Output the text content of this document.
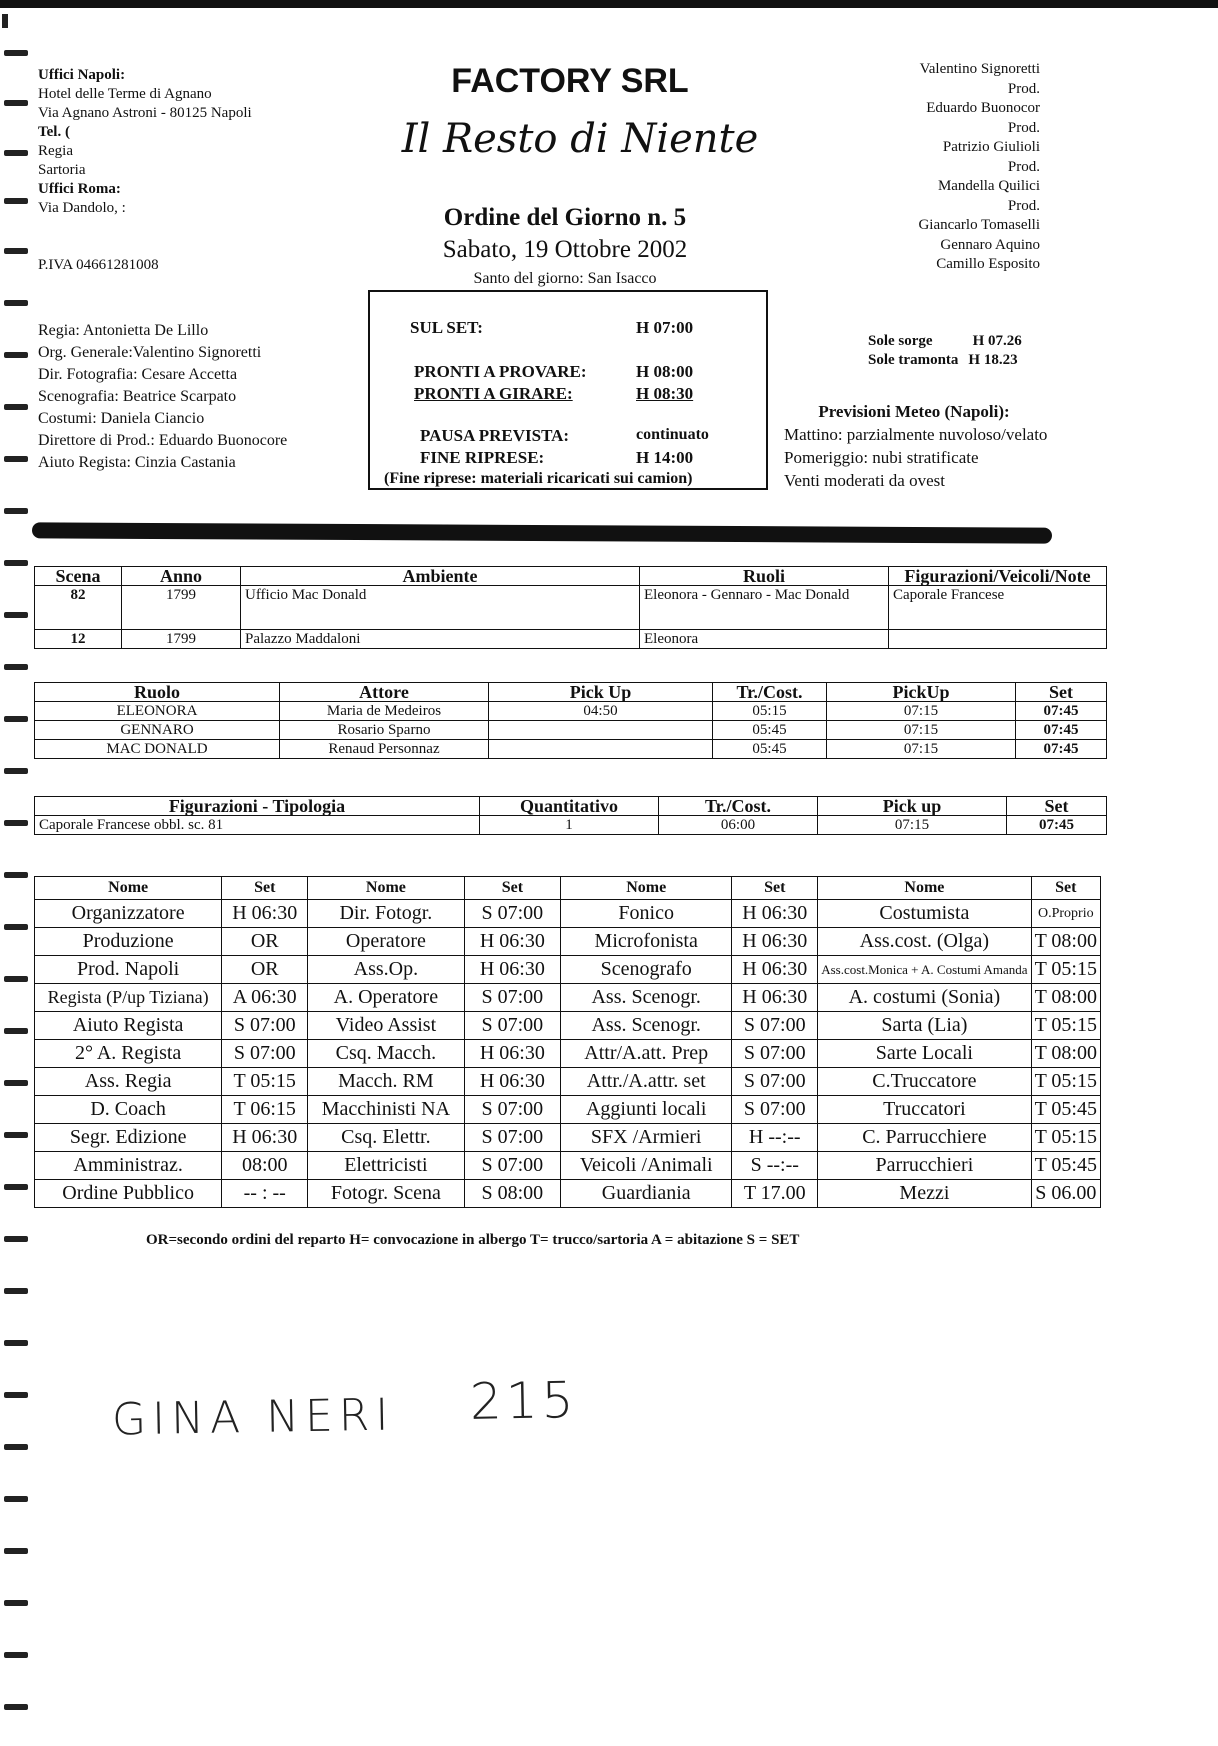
Uffici Napoli:
Hotel delle Terme di Agnano
Via Agnano Astroni - 80125 Napoli
Tel. (
Regia
Sartoria
Uffici Roma:
Via Dandolo, :
P.IVA 04661281008
Regia: Antonietta De Lillo
Org. Generale:Valentino Signoretti
Dir. Fotografia: Cesare Accetta
Scenografia: Beatrice Scarpato
Costumi: Daniela Ciancio
Direttore di Prod.: Eduardo Buonocore
Aiuto Regista: Cinzia Castania
FACTORY SRL
Il Resto di Niente
Ordine del Giorno n. 5
Sabato, 19 Ottobre 2002
Santo del giorno: San Isacco
Valentino Signoretti
Prod.
Eduardo Buonocor
Prod.
Patrizio Giulioli
Prod.
Mandella Quilici
Prod.
Giancarlo Tomaselli
Gennaro Aquino
Camillo Esposito
SUL SET:	H 07:00
PRONTI A PROVARE:	H 08:00
PRONTI A GIRARE:	H 08:30
PAUSA PREVISTA:	continuato
FINE RIPRESE:	H 14:00
(Fine riprese: materiali ricaricati sui camion)
Sole sorge	H 07.26
Sole tramonta H 18.23
Previsioni Meteo (Napoli):
Mattino: parzialmente nuvoloso/velato
Pomeriggio: nubi stratificate
Venti moderati da ovest
Scena	Anno	Ambiente	Ruoli	Figurazioni/Veicoli/Note
82	1799	Ufficio Mac Donald	Eleonora - Gennaro - Mac Donald	Caporale Francese
12	1799	Palazzo Maddaloni	Eleonora	
Ruolo	Attore	Pick Up	Tr./Cost.	PickUp	Set
ELEONORA	Maria de Medeiros	04:50	05:15	07:15	07:45
GENNARO	Rosario Sparno		05:45	07:15	07:45
MAC DONALD	Renaud Personnaz		05:45	07:15	07:45
Figurazioni - Tipologia	Quantitativo	Tr./Cost.	Pick up	Set
Caporale Francese obbl. sc. 81	1	06:00	07:15	07:45
Nome	Set	Nome	Set	Nome	Set	Nome	Set
Organizzatore	H 06:30	Dir. Fotogr.	S 07:00	Fonico	H 06:30	Costumista	O.Proprio
Produzione	OR	Operatore	H 06:30	Microfonista	H 06:30	Ass.cost. (Olga)	T 08:00
Prod. Napoli	OR	Ass.Op.	H 06:30	Scenografo	H 06:30	Ass.cost.Monica + A. Costumi Amanda	T 05:15
Regista (P/up Tiziana)	A 06:30	A. Operatore	S 07:00	Ass. Scenogr.	H 06:30	A. costumi (Sonia)	T 08:00
Aiuto Regista	S 07:00	Video Assist	S 07:00	Ass. Scenogr.	S 07:00	Sarta (Lia)	T 05:15
2° A. Regista	S 07:00	Csq. Macch.	H 06:30	Attr/A.att. Prep	S 07:00	Sarte Locali	T 08:00
Ass. Regia	T 05:15	Macch. RM	H 06:30	Attr./A.attr. set	S 07:00	C.Truccatore	T 05:15
D. Coach	T 06:15	Macchinisti NA	S 07:00	Aggiunti locali	S 07:00	Truccatori	T 05:45
Segr. Edizione	H 06:30	Csq. Elettr.	S 07:00	SFX /Armieri	H --:--	C. Parrucchiere	T 05:15
Amministraz.	08:00	Elettricisti	S 07:00	Veicoli /Animali	S --:--	Parrucchieri	T 05:45
Ordine Pubblico	-- : --	Fotogr. Scena	S 08:00	Guardiania	T 17.00	Mezzi	S 06.00
OR=secondo ordini del reparto H= convocazione in albergo T= trucco/sartoria A = abitazione S = SET
GINA NERI 215
